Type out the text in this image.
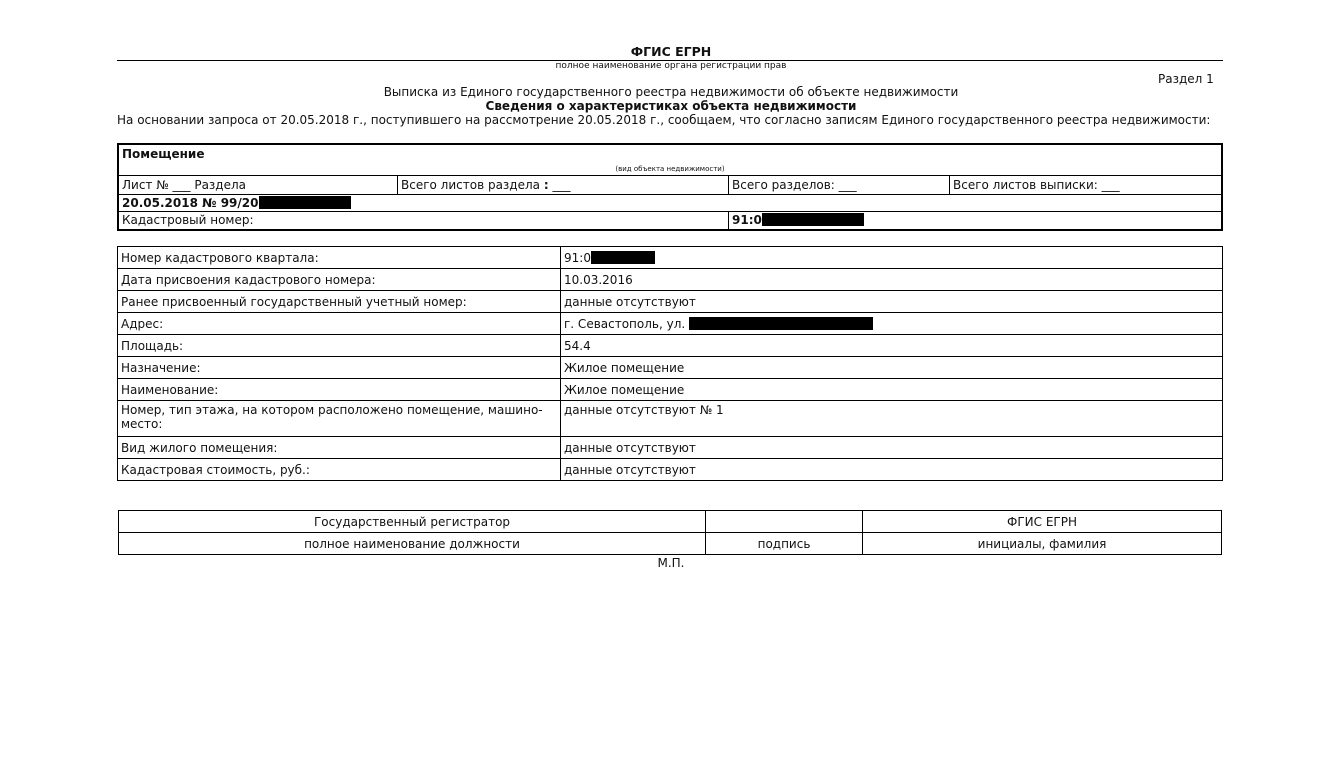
ФГИС ЕГРН
полное наименование органа регистрации прав
Раздел 1
Выписка из Единого государственного реестра недвижимости об объекте недвижимости
Сведения о характеристиках объекта недвижимости
На основании запроса от 20.05.2018 г., поступившего на рассмотрение 20.05.2018 г., сообщаем, что согласно записям Единого государственного реестра недвижимости:
Помещение			
(вид объекта недвижимости)			
Лист № ___ Раздела	Всего листов раздела : ___	Всего разделов: ___	Всего листов выписки: ___
20.05.2018 № 99/20			
Кадастровый номер:		91:0	
Номер кадастрового квартала:	91:0
Дата присвоения кадастрового номера:	10.03.2016
Ранее присвоенный государственный учетный номер:	данные отсутствуют
Адрес:	г. Севастополь, ул.
Площадь:	54.4
Назначение:	Жилое помещение
Наименование:	Жилое помещение
Номер, тип этажа, на котором расположено помещение, машино-место:	данные отсутствуют № 1
Вид жилого помещения:	данные отсутствуют
Кадастровая стоимость, руб.:	данные отсутствуют
Государственный регистратор		ФГИС ЕГРН
полное наименование должности	подпись	инициалы, фамилия
М.П.
